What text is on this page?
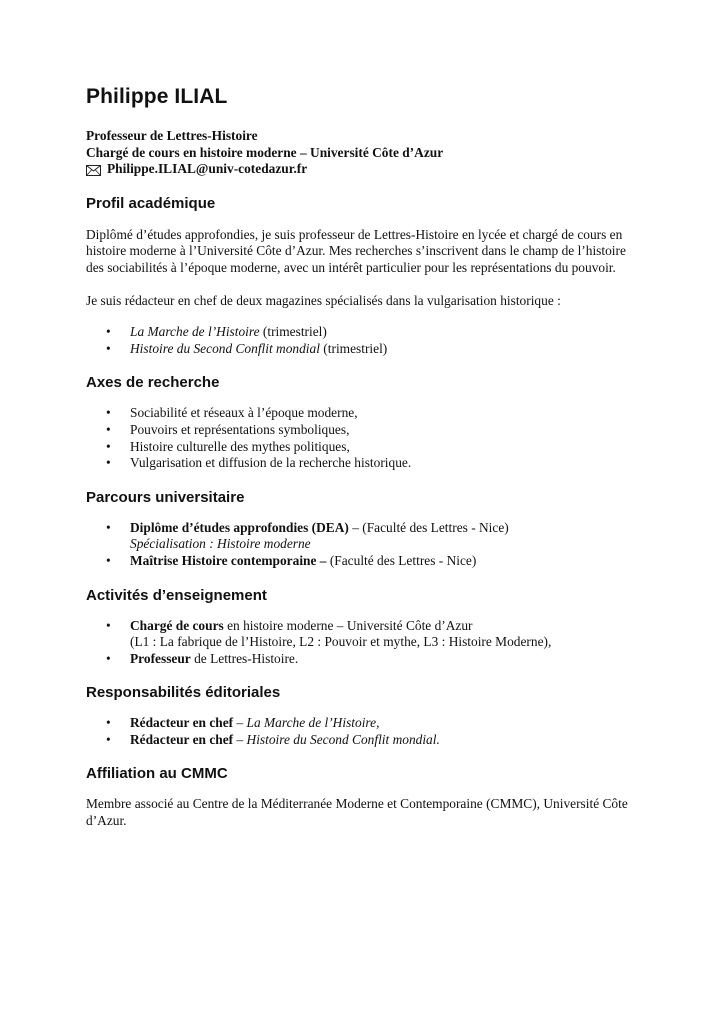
Philippe ILIAL
Professeur de Lettres-Histoire
Chargé de cours en histoire moderne – Université Côte d’Azur
Philippe.ILIAL@univ-cotedazur.fr
Profil académique

Diplômé d’études approfondies, je suis professeur de Lettres-Histoire en lycée et chargé de cours en histoire moderne à l’Université Côte d’Azur. Mes recherches s’inscrivent dans le champ de l’histoire des sociabilités à l’époque moderne, avec un intérêt particulier pour les représentations du pouvoir.

Je suis rédacteur en chef de deux magazines spécialisés dans la vulgarisation historique :

• La Marche de l’Histoire (trimestriel)
• Histoire du Second Conflit mondial (trimestriel)
Axes de recherche
• Sociabilité et réseaux à l’époque moderne,
• Pouvoirs et représentations symboliques,
• Histoire culturelle des mythes politiques,
• Vulgarisation et diffusion de la recherche historique.
Parcours universitaire
• Diplôme d’études approfondies (DEA) – (Faculté des Lettres - Nice)
Spécialisation : Histoire moderne
• Maîtrise Histoire contemporaine – (Faculté des Lettres - Nice)
Activités d’enseignement
• Chargé de cours en histoire moderne – Université Côte d’Azur
(L1 : La fabrique de l’Histoire, L2 : Pouvoir et mythe, L3 : Histoire Moderne),
• Professeur de Lettres-Histoire.
Responsabilités éditoriales
• Rédacteur en chef – La Marche de l’Histoire,
• Rédacteur en chef – Histoire du Second Conflit mondial.
Affiliation au CMMC

Membre associé au Centre de la Méditerranée Moderne et Contemporaine (CMMC), Université Côte d’Azur.
